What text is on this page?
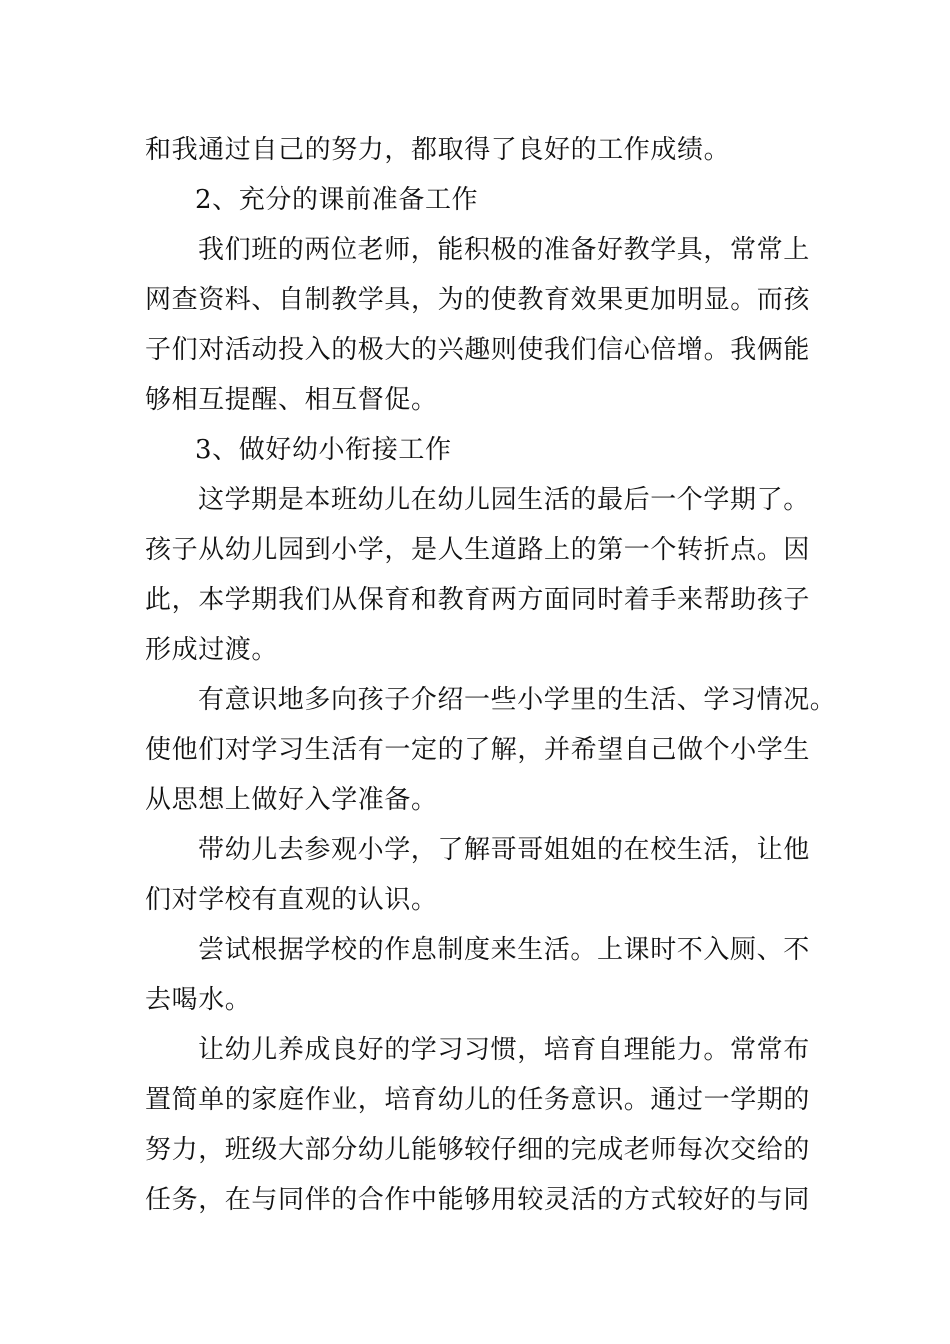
和我通过自己的努力，都取得了良好的工作成绩。
2、充分的课前准备工作
我们班的两位老师，能积极的准备好教学具，常常上
网查资料、自制教学具，为的使教育效果更加明显。而孩
子们对活动投入的极大的兴趣则使我们信心倍增。我俩能
够相互提醒、相互督促。
3、做好幼小衔接工作
这学期是本班幼儿在幼儿园生活的最后一个学期了。
孩子从幼儿园到小学，是人生道路上的第一个转折点。因
此，本学期我们从保育和教育两方面同时着手来帮助孩子
形成过渡。
有意识地多向孩子介绍一些小学里的生活、学习情况。
使他们对学习生活有一定的了解，并希望自己做个小学生
从思想上做好入学准备。
带幼儿去参观小学，了解哥哥姐姐的在校生活，让他
们对学校有直观的认识。
尝试根据学校的作息制度来生活。上课时不入厕、不
去喝水。
让幼儿养成良好的学习习惯，培育自理能力。常常布
置简单的家庭作业，培育幼儿的任务意识。通过一学期的
努力，班级大部分幼儿能够较仔细的完成老师每次交给的
任务，在与同伴的合作中能够用较灵活的方式较好的与同
